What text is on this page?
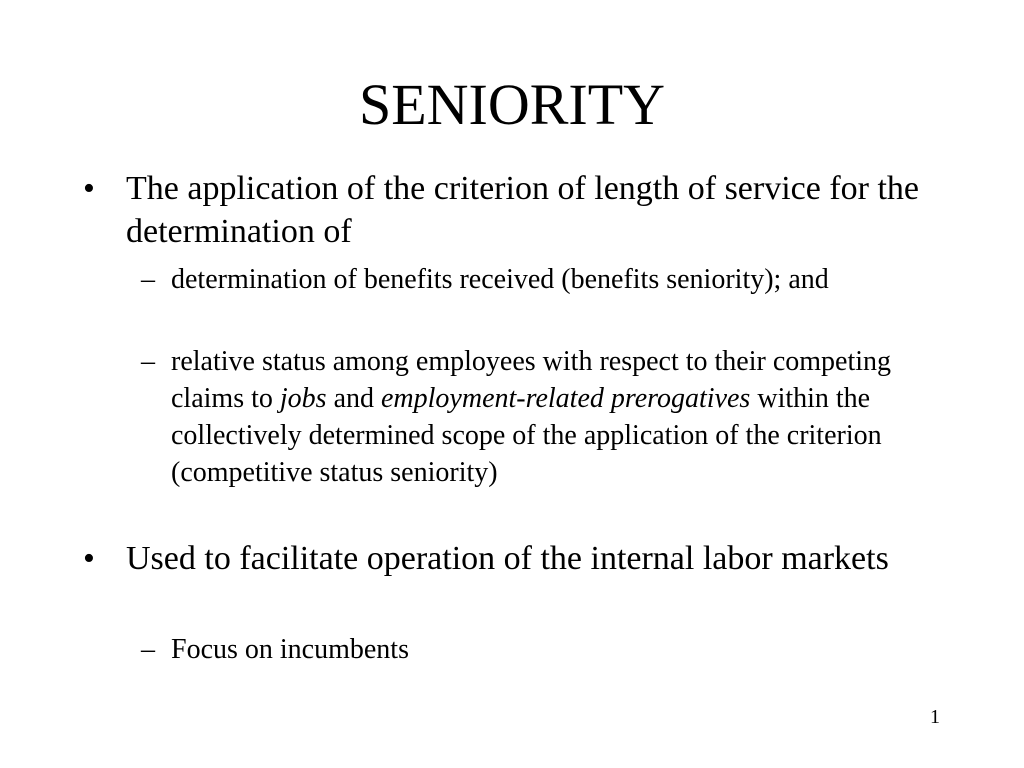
SENIORITY
• The application of the criterion of length of service for the determination of
– determination of benefits received (benefits seniority); and
– relative status among employees with respect to their competing claims to jobs and employment-related prerogatives within the collectively determined scope of the application of the criterion (competitive status seniority)
• Used to facilitate operation of the internal labor markets
– Focus on incumbents
1
